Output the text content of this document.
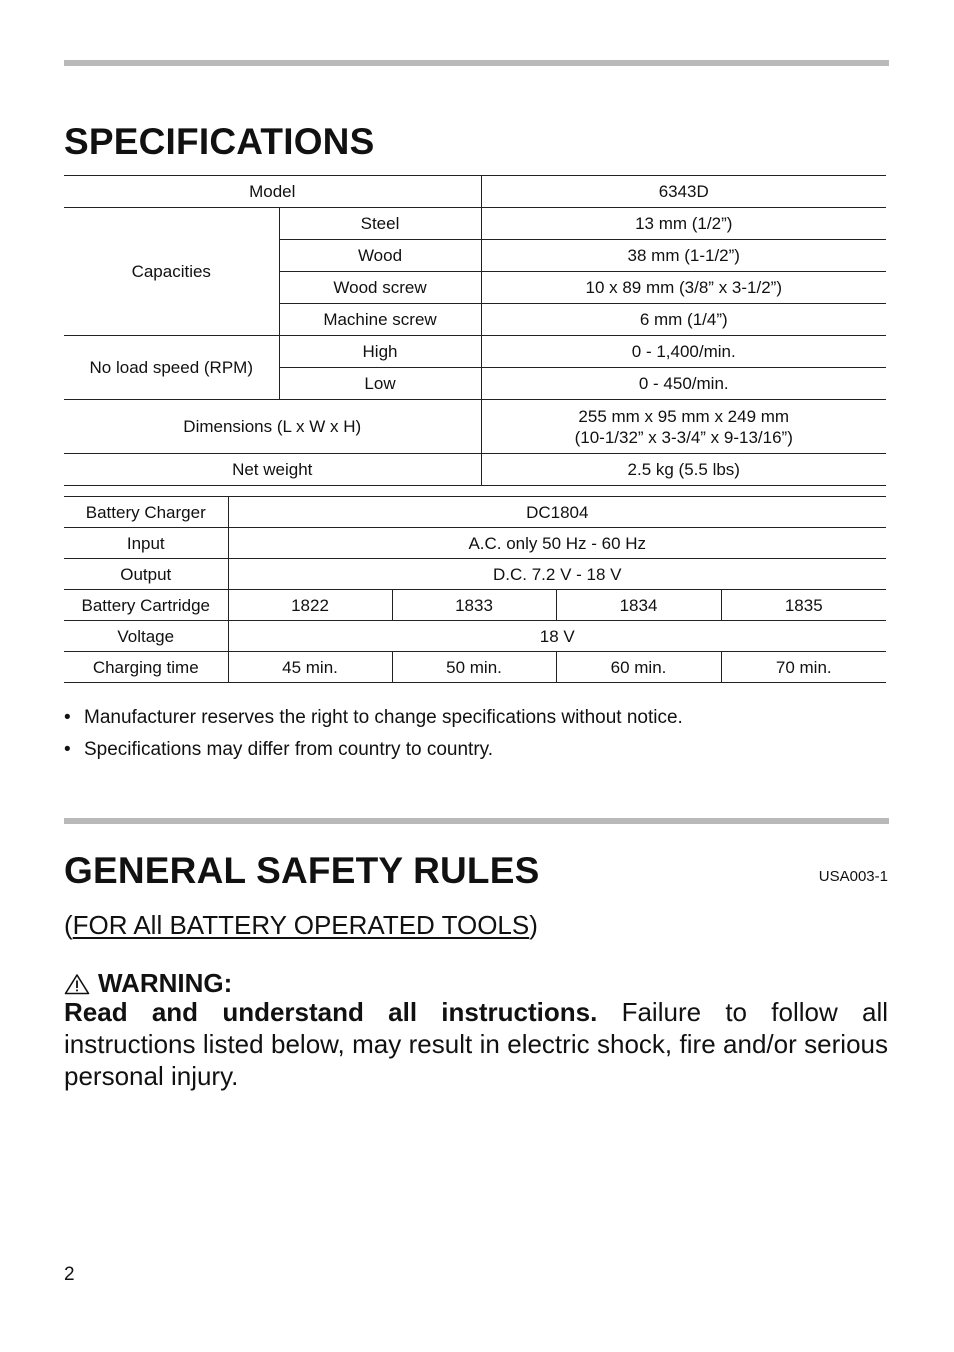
SPECIFICATIONS
Model		6343D
Capacities	Steel	13 mm (1/2”)
	Wood	38 mm (1-1/2”)
	Wood screw	10 x 89 mm (3/8” x 3-1/2”)
	Machine screw	6 mm (1/4”)
No load speed (RPM)	High	0 - 1,400/min.
	Low	0 - 450/min.
Dimensions (L x W x H)		255 mm x 95 mm x 249 mm
(10-1/32” x 3-3/4” x 9-13/16”)

Net weight		2.5 kg (5.5 lbs)
Battery Charger	DC1804			
Input	A.C. only 50 Hz - 60 Hz			
Output	D.C. 7.2 V - 18 V			
Battery Cartridge	1822	1833	1834	1835
Voltage	18 V			
Charging time	45 min.	50 min.	60 min.	70 min.
• Manufacturer reserves the right to change specifications without notice.
• Specifications may differ from country to country.
GENERAL SAFETY RULES	USA003-1
(FOR All BATTERY OPERATED TOOLS)
WARNING:

Read and understand all instructions. Failure to follow all instructions listed below, may result in electric shock, fire and/or serious personal injury.

2
